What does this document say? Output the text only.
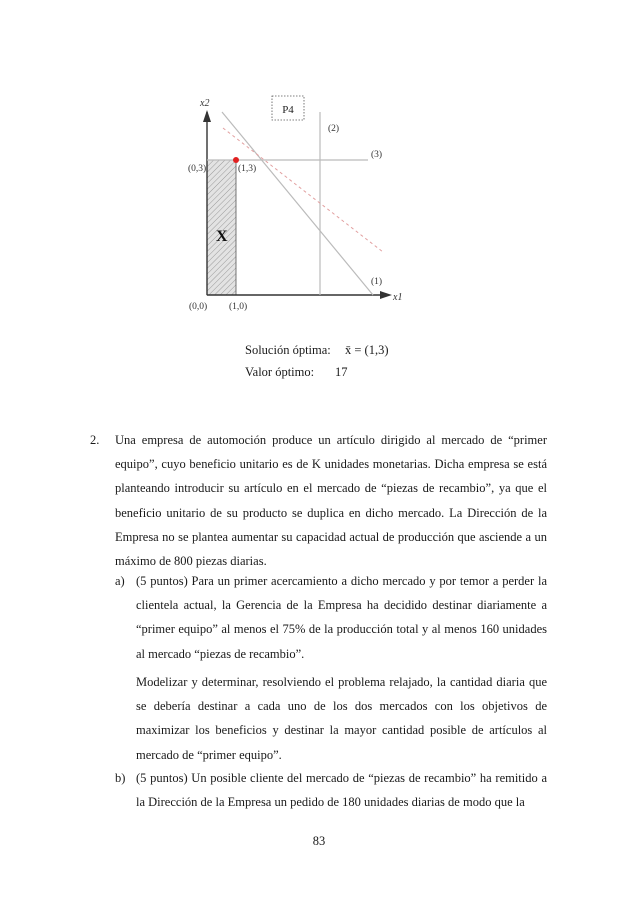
x2
x1
(1)
(2)
(3)
(0,3)	(1,3)
(0,0) (1,0)
X
P4
Solución óptima: x̄ = (1,3)
Valor óptimo: 17
2. Una empresa de automoción produce un artículo dirigido al mercado de “primer equipo”, cuyo beneficio unitario es de K unidades monetarias. Dicha empresa se está planteando introducir su artículo en el mercado de “piezas de recambio”, ya que el beneficio unitario de su producto se duplica en dicho mercado. La Dirección de la Empresa no se plantea aumentar su capacidad actual de producción que asciende a un máximo de 800 piezas diarias.
a) (5 puntos) Para un primer acercamiento a dicho mercado y por temor a perder la clientela actual, la Gerencia de la Empresa ha decidido destinar diariamente a “primer equipo” al menos el 75% de la producción total y al menos 160 unidades al mercado “piezas de recambio”.
Modelizar y determinar, resolviendo el problema relajado, la cantidad diaria que se debería destinar a cada uno de los dos mercados con los objetivos de maximizar los beneficios y destinar la mayor cantidad posible de artículos al mercado de “primer equipo”.
b) (5 puntos) Un posible cliente del mercado de “piezas de recambio” ha remitido a la Dirección de la Empresa un pedido de 180 unidades diarias de modo que la
83
